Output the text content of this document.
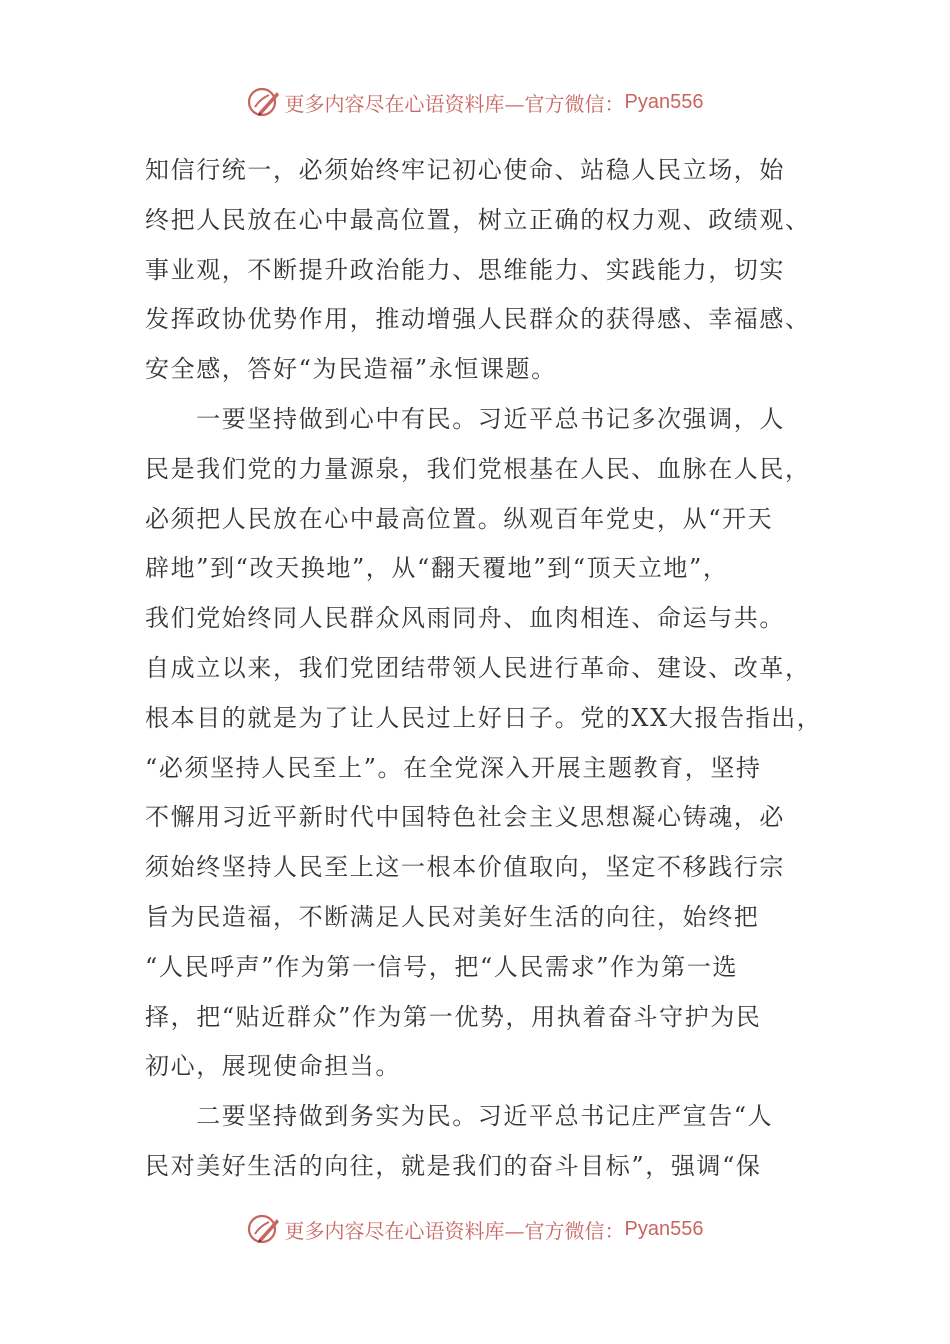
更多内容尽在心语资料库—官方微信： Pyan556
知信行统一，必须始终牢记初心使命、站稳人民立场，始
终把人民放在心中最高位置，树立正确的权力观、政绩观、
事业观，不断提升政治能力、思维能力、实践能力，切实
发挥政协优势作用，推动增强人民群众的获得感、幸福感、
安全感，答好“为民造福”永恒课题。
　　一要坚持做到心中有民。习近平总书记多次强调，人
民是我们党的力量源泉，我们党根基在人民、血脉在人民，
必须把人民放在心中最高位置。纵观百年党史，从“开天
辟地”到“改天换地”，从“翻天覆地”到“顶天立地”，
我们党始终同人民群众风雨同舟、血肉相连、命运与共。
自成立以来，我们党团结带领人民进行革命、建设、改革，
根本目的就是为了让人民过上好日子。党的XX大报告指出，
“必须坚持人民至上”。在全党深入开展主题教育，坚持
不懈用习近平新时代中国特色社会主义思想凝心铸魂，必
须始终坚持人民至上这一根本价值取向，坚定不移践行宗
旨为民造福，不断满足人民对美好生活的向往，始终把
“人民呼声”作为第一信号，把“人民需求”作为第一选
择，把“贴近群众”作为第一优势，用执着奋斗守护为民
初心，展现使命担当。
　　二要坚持做到务实为民。习近平总书记庄严宣告“人
民对美好生活的向往，就是我们的奋斗目标”，强调“保
更多内容尽在心语资料库—官方微信： Pyan556
